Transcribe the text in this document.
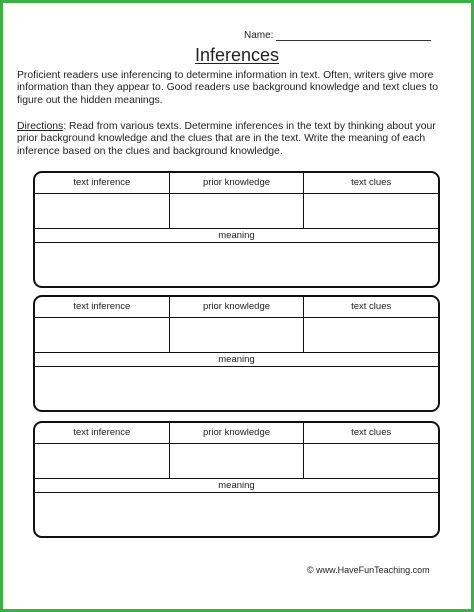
Name:
Inferences
Proficient readers use inferencing to determine information in text. Often, writers give more information than they appear to. Good readers use background knowledge and text clues to figure out the hidden meanings.
Directions: Read from various texts. Determine inferences in the text by thinking about your prior background knowledge and the clues that are in the text. Write the meaning of each inference based on the clues and background knowledge.
text inference	prior knowledge	text clues
meaning
text inference	prior knowledge	text clues
meaning
text inference	prior knowledge	text clues
meaning
© www.HaveFunTeaching.com
